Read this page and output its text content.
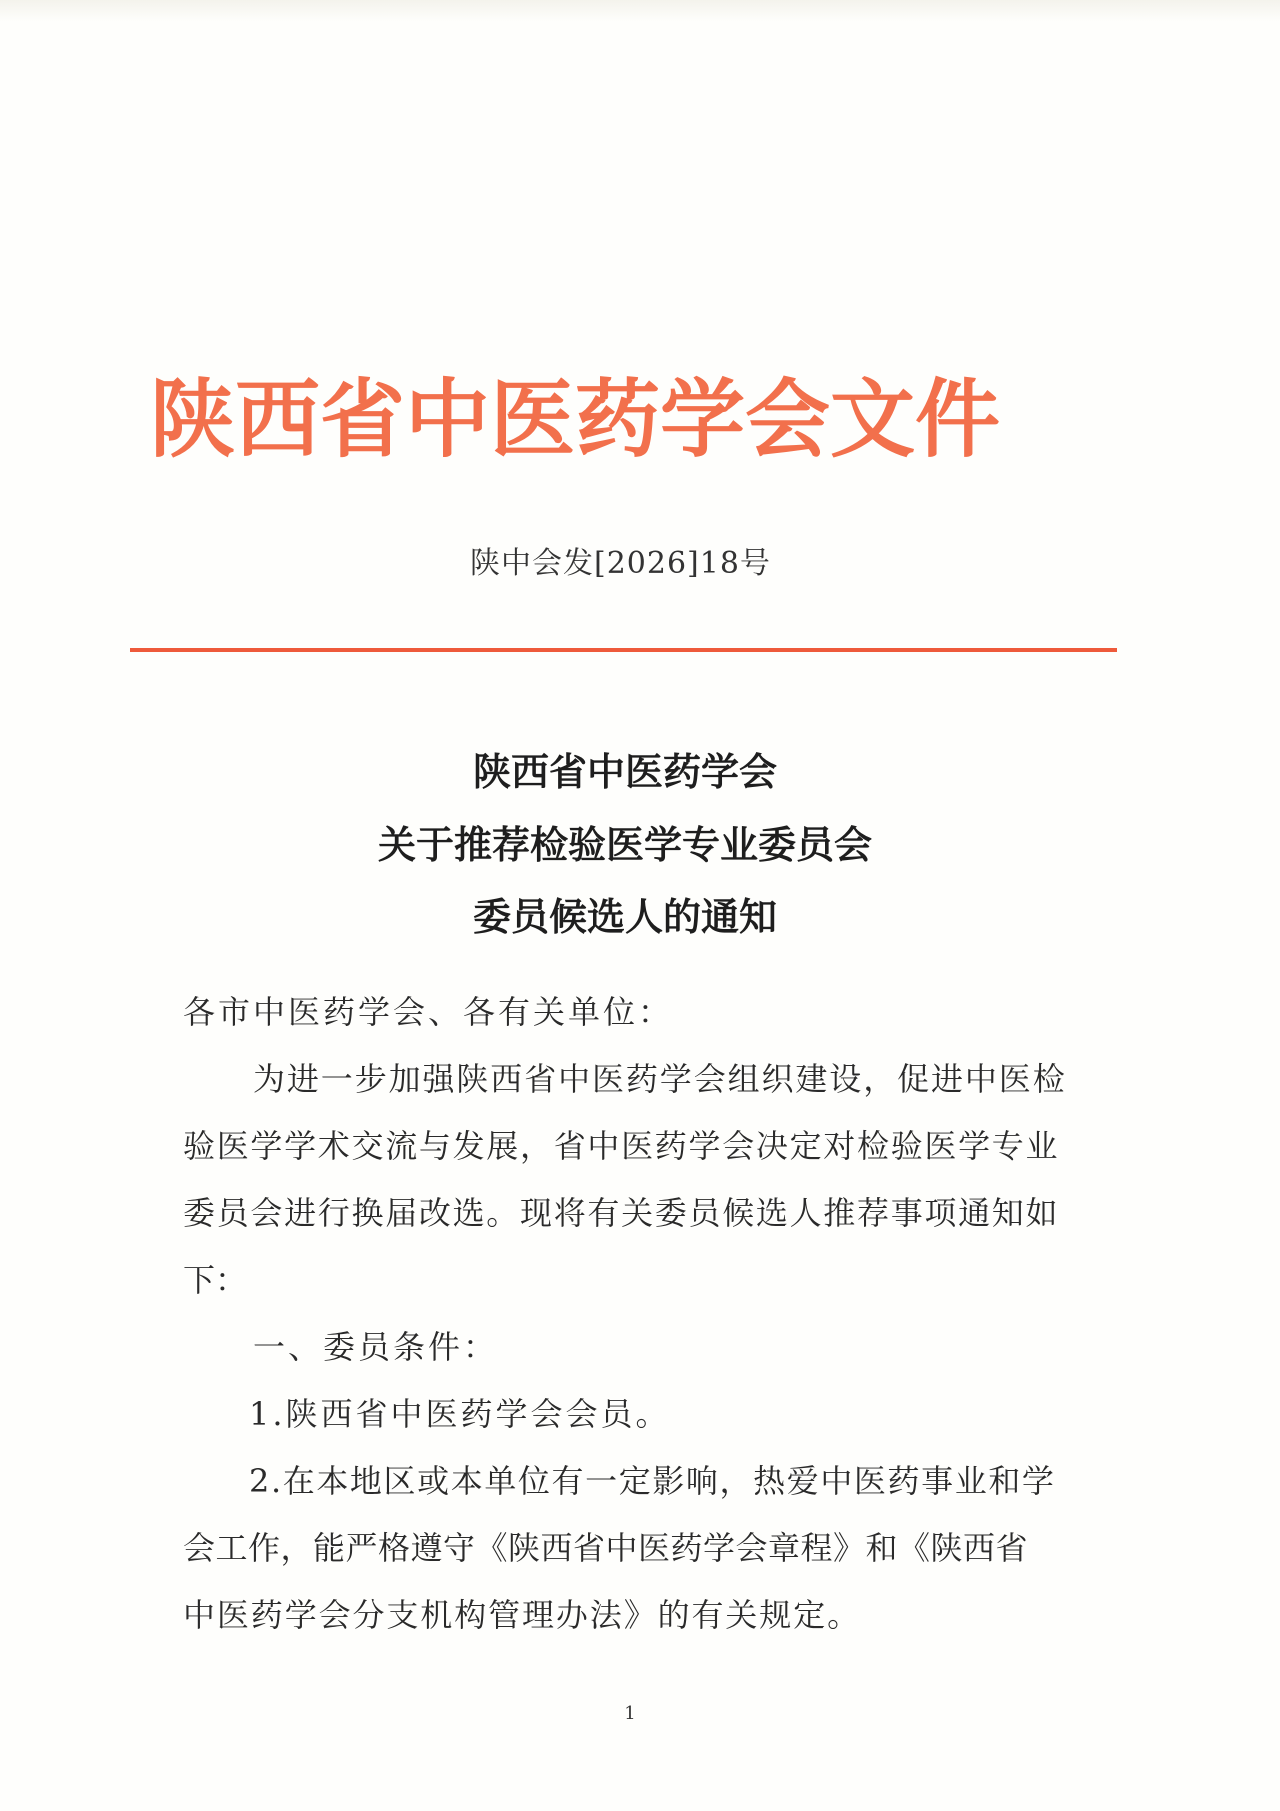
陕西省中医药学会文件
陕中会发[2026]18号
陕西省中医药学会
关于推荐检验医学专业委员会
委员候选人的通知
各市中医药学会、各有关单位：
为进一步加强陕西省中医药学会组织建设，促进中医检
验医学学术交流与发展，省中医药学会决定对检验医学专业
委员会进行换届改选。现将有关委员候选人推荐事项通知如
下：
一、委员条件：
1.陕西省中医药学会会员。
2.在本地区或本单位有一定影响，热爱中医药事业和学
会工作，能严格遵守《陕西省中医药学会章程》和《陕西省
中医药学会分支机构管理办法》的有关规定。
1
